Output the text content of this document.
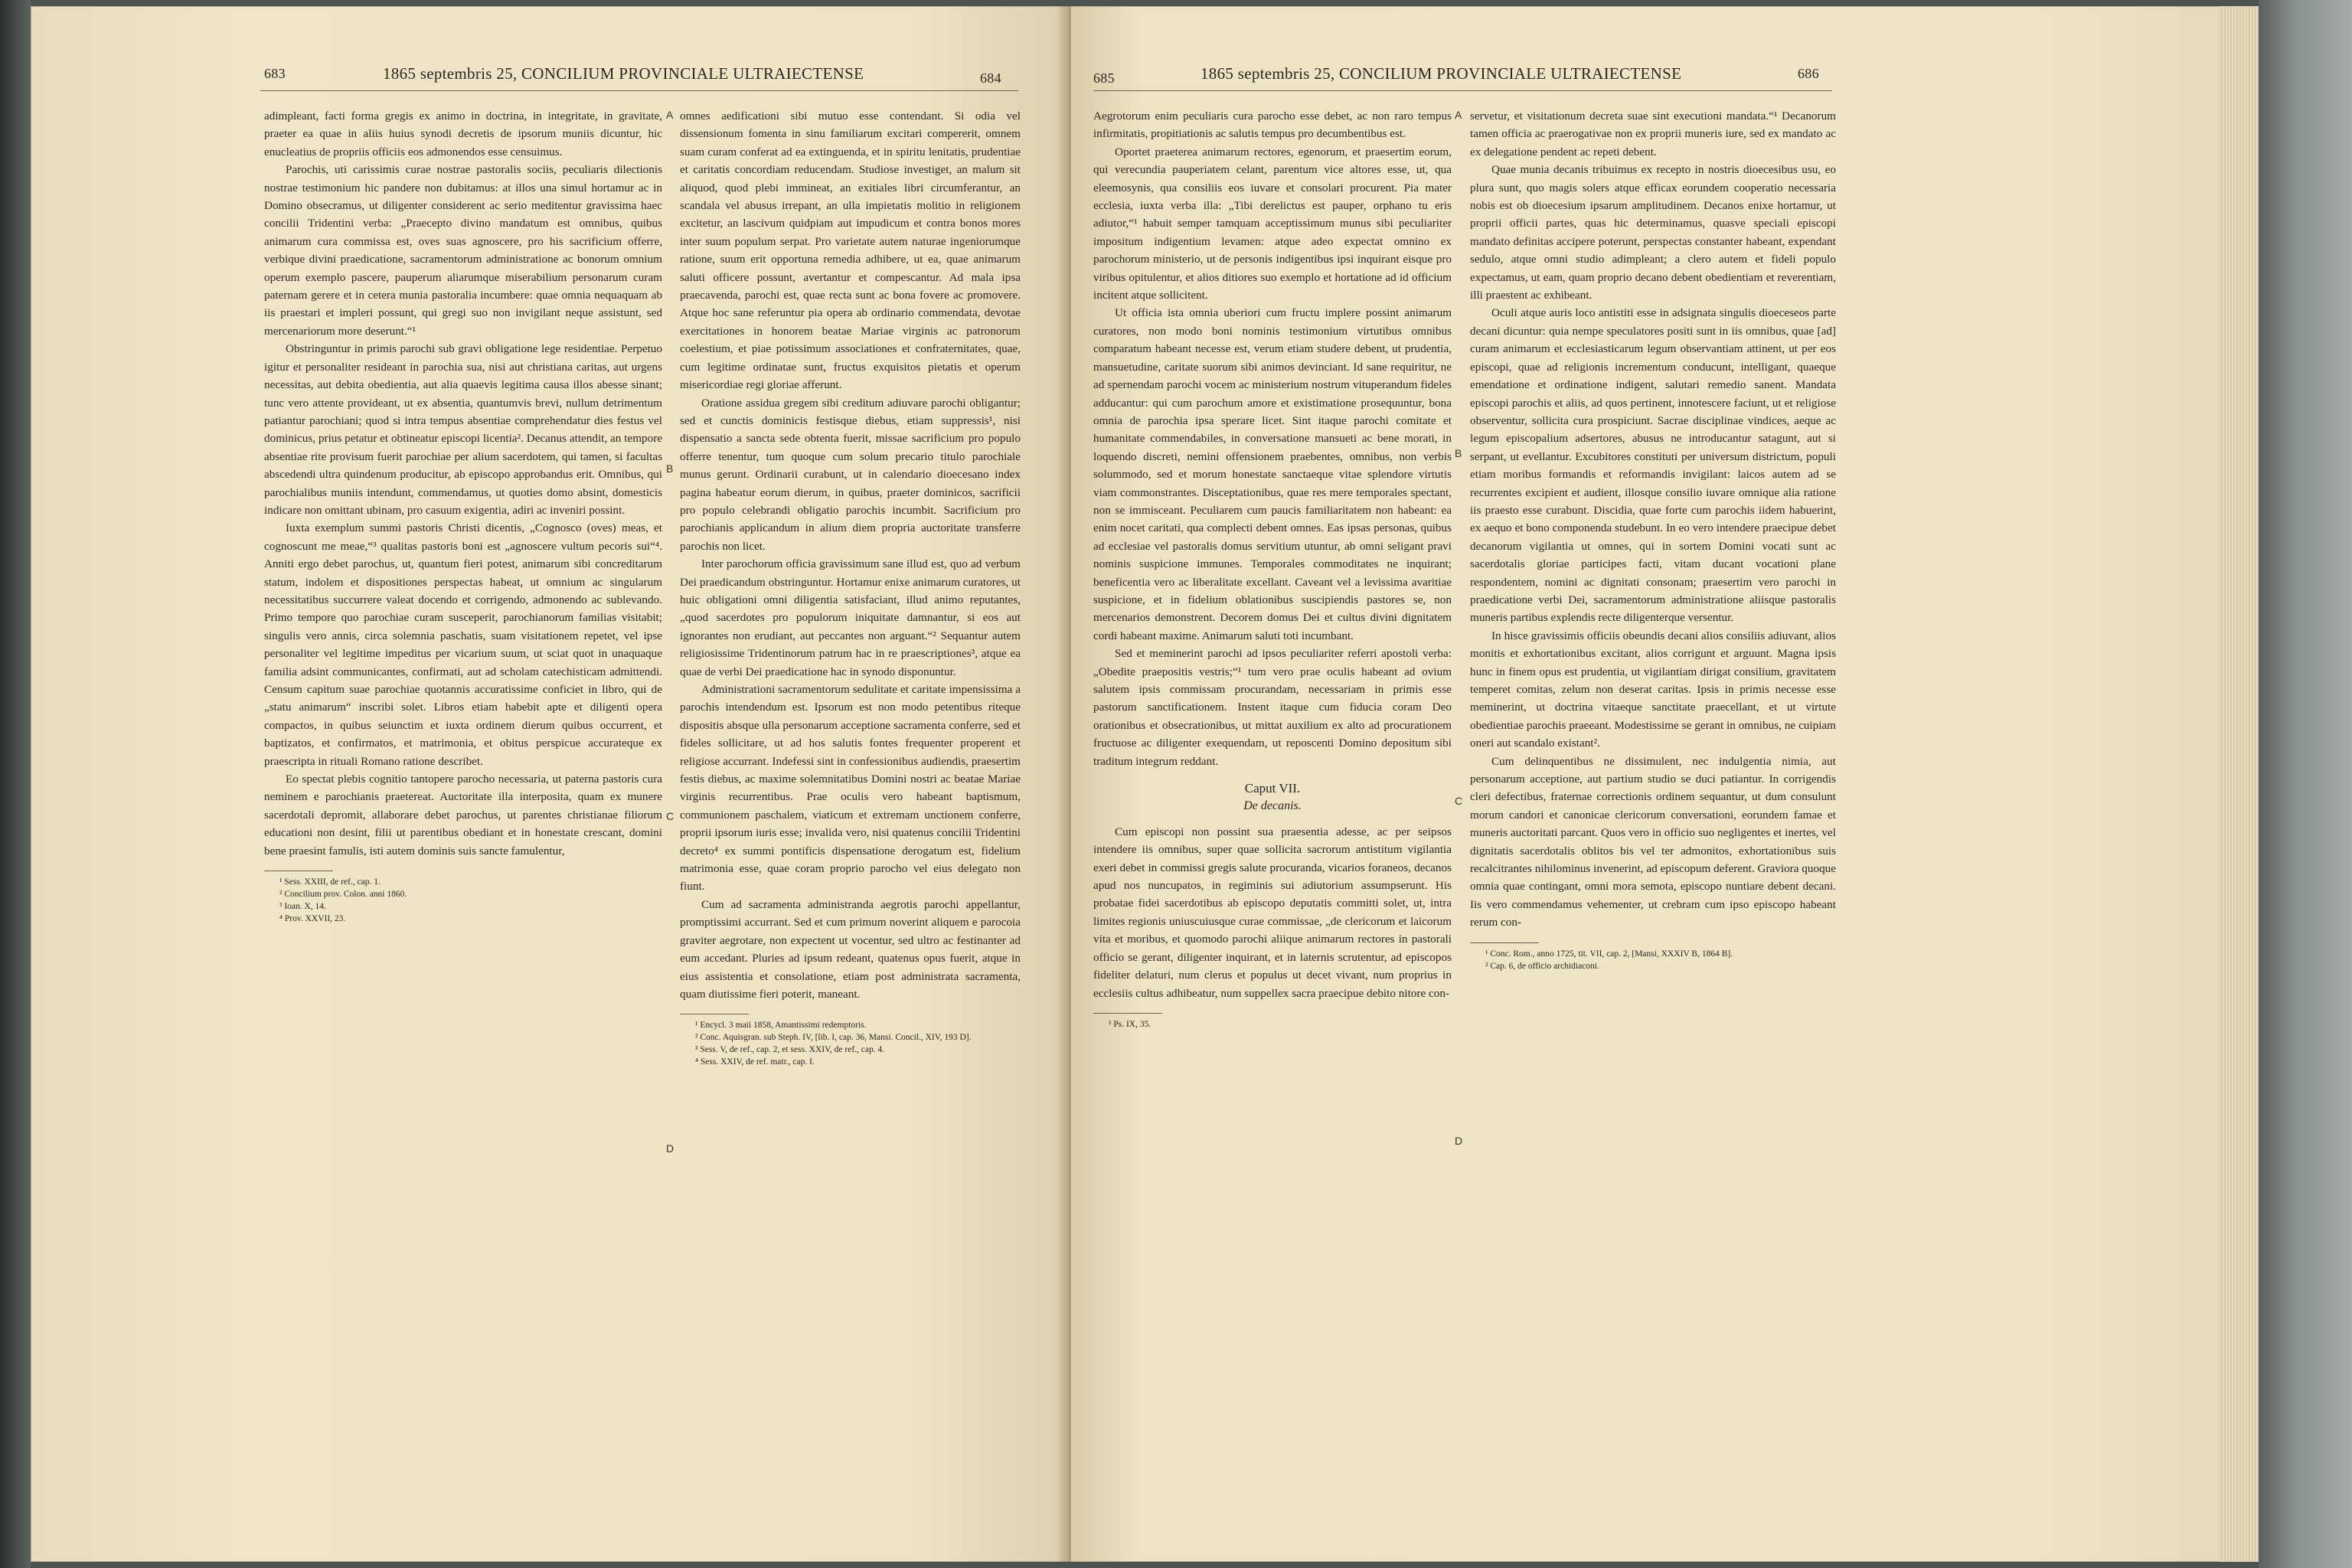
683	1865 septembris 25, CONCILIUM PROVINCIALE ULTRAIECTENSE	684

adimpleant, facti forma gregis ex animo in doctrina, in integritate, in gravitate, praeter ea quae in aliis huius synodi decretis de ipsorum muniis dicuntur, hic enucleatius de propriis officiis eos admonendos esse censuimus.

Parochis, uti carissimis curae nostrae pastoralis sociis, peculiaris dilectionis nostrae testimonium hic pandere non dubitamus: at illos una simul hortamur ac in Domino obsecramus, ut diligenter considerent ac serio meditentur gravissima haec concilii Tridentini verba: „Praecepto divino mandatum est omnibus, quibus animarum cura commissa est, oves suas agnoscere, pro his sacrificium offerre, verbique divini praedicatione, sacramentorum administratione ac bonorum omnium operum exemplo pascere, pauperum aliarumque miserabilium personarum curam paternam gerere et in cetera munia pastoralia incumbere: quae omnia nequaquam ab iis praestari et impleri possunt, qui gregi suo non invigilant neque assistunt, sed mercenariorum more deserunt.“¹

Obstringuntur in primis parochi sub gravi obligatione lege residentiae. Perpetuo igitur et personaliter resideant in parochia sua, nisi aut christiana caritas, aut urgens necessitas, aut debita obedientia, aut alia quaevis legitima causa illos abesse sinant; tunc vero attente provideant, ut ex absentia, quantumvis brevi, nullum detrimentum patiantur parochiani; quod si intra tempus absentiae comprehendatur dies festus vel dominicus, prius petatur et obtineatur episcopi licentia². Decanus attendit, an tempore absentiae rite provisum fuerit parochiae per alium sacerdotem, qui tamen, si facultas abscedendi ultra quindenum producitur, ab episcopo approbandus erit. Omnibus, qui parochialibus muniis intendunt, commendamus, ut quoties domo absint, domesticis indicare non omittant ubinam, pro casuum exigentia, adiri ac inveniri possint.

Iuxta exemplum summi pastoris Christi dicentis, „Cognosco (oves) meas, et cognoscunt me meae,“³ qualitas pastoris boni est „agnoscere vultum pecoris sui“⁴. Anniti ergo debet parochus, ut, quantum fieri potest, animarum sibi concreditarum statum, indolem et dispositiones perspectas habeat, ut omnium ac singularum necessitatibus succurrere valeat docendo et corrigendo, admonendo ac sublevando. Primo tempore quo parochiae curam susceperit, parochianorum familias visitabit; singulis vero annis, circa solemnia paschatis, suam visitationem repetet, vel ipse personaliter vel legitime impeditus per vicarium suum, ut sciat quot in unaquaque familia adsint communicantes, confirmati, aut ad scholam catechisticam admittendi. Censum capitum suae parochiae quotannis accuratissime conficiet in libro, qui de „statu animarum“ inscribi solet. Libros etiam habebit apte et diligenti opera compactos, in quibus seiunctim et iuxta ordinem dierum quibus occurrent, et baptizatos, et confirmatos, et matrimonia, et obitus perspicue accurateque ex praescripta in rituali Romano ratione describet.

Eo spectat plebis cognitio tantopere parocho necessaria, ut paterna pastoris cura neminem e parochianis praetereat. Auctoritate illa interposita, quam ex munere sacerdotali depromit, allaborare debet parochus, ut parentes christianae filiorum educationi non desint, filii ut parentibus obediant et in honestate crescant, domini bene praesint famulis, isti autem dominis suis sancte famulentur,

¹ Sess. XXIII, de ref., cap. 1.

² Concilium prov. Colon. anni 1860.

³ Ioan. X, 14.

⁴ Prov. XXVII, 23.

A
B
C
D

omnes aedificationi sibi mutuo esse contendant. Si odia vel dissensionum fomenta in sinu familiarum excitari compererit, omnem suam curam conferat ad ea extinguenda, et in spiritu lenitatis, prudentiae et caritatis concordiam reducendam. Studiose investiget, an malum sit aliquod, quod plebi immineat, an exitiales libri circumferantur, an scandala vel abusus irrepant, an ulla impietatis molitio in religionem excitetur, an lascivum quidpiam aut impudicum et contra bonos mores inter suum populum serpat. Pro varietate autem naturae ingeniorumque ratione, suum erit opportuna remedia adhibere, ut ea, quae animarum saluti officere possunt, avertantur et compescantur. Ad mala ipsa praecavenda, parochi est, quae recta sunt ac bona fovere ac promovere. Atque hoc sane referuntur pia opera ab ordinario commendata, devotae exercitationes in honorem beatae Mariae virginis ac patronorum coelestium, et piae potissimum associationes et confraternitates, quae, cum legitime ordinatae sunt, fructus exquisitos pietatis et operum misericordiae regi gloriae afferunt.

Oratione assidua gregem sibi creditum adiuvare parochi obligantur; sed et cunctis dominicis festisque diebus, etiam suppressis¹, nisi dispensatio a sancta sede obtenta fuerit, missae sacrificium pro populo offerre tenentur, tum quoque cum solum precario titulo parochiale munus gerunt. Ordinarii curabunt, ut in calendario dioecesano index pagina habeatur eorum dierum, in quibus, praeter dominicos, sacrificii pro populo celebrandi obligatio parochis incumbit. Sacrificium pro parochianis applicandum in alium diem propria auctoritate transferre parochis non licet.

Inter parochorum officia gravissimum sane illud est, quo ad verbum Dei praedicandum obstringuntur. Hortamur enixe animarum curatores, ut huic obligationi omni diligentia satisfaciant, illud animo reputantes, „quod sacerdotes pro populorum iniquitate damnantur, si eos aut ignorantes non erudiant, aut peccantes non arguant.“² Sequantur autem religiosissime Tridentinorum patrum hac in re praescriptiones³, atque ea quae de verbi Dei praedicatione hac in synodo disponuntur.

Administrationi sacramentorum sedulitate et caritate impensissima a parochis intendendum est. Ipsorum est non modo petentibus riteque dispositis absque ulla personarum acceptione sacramenta conferre, sed et fideles sollicitare, ut ad hos salutis fontes frequenter properent et religiose accurrant. Indefessi sint in confessionibus audiendis, praesertim festis diebus, ac maxime solemnitatibus Domini nostri ac beatae Mariae virginis recurrentibus. Prae oculis vero habeant baptismum, communionem paschalem, viaticum et extremam unctionem conferre, proprii ipsorum iuris esse; invalida vero, nisi quatenus concilii Tridentini decreto⁴ ex summi pontificis dispensatione derogatum est, fidelium matrimonia esse, quae coram proprio parocho vel eius delegato non fiunt.

Cum ad sacramenta administranda aegrotis parochi appellantur, promptissimi accurrant. Sed et cum primum noverint aliquem e parocoia graviter aegrotare, non expectent ut vocentur, sed ultro ac festinanter ad eum accedant. Pluries ad ipsum redeant, quatenus opus fuerit, atque in eius assistentia et consolatione, etiam post administrata sacramenta, quam diutissime fieri poterit, maneant.

¹ Encycl. 3 maii 1858, Amantissimi redemptoris.

² Conc. Aquisgran. sub Steph. IV, [lib. I, cap. 36, Mansi. Concil., XIV, 193 D].

³ Sess. V, de ref., cap. 2, et sess. XXIV, de ref., cap. 4.

⁴ Sess. XXIV, de ref. matr., cap. I.

685	1865 septembris 25, CONCILIUM PROVINCIALE ULTRAIECTENSE	686

Aegrotorum enim peculiaris cura parocho esse debet, ac non raro tempus infirmitatis, propitiationis ac salutis tempus pro decumbentibus est.

Oportet praeterea animarum rectores, egenorum, et praesertim eorum, qui verecundia pauperiatem celant, parentum vice altores esse, ut, qua eleemosynis, qua consiliis eos iuvare et consolari procurent. Pia mater ecclesia, iuxta verba illa: „Tibi derelictus est pauper, orphano tu eris adiutor,“¹ habuit semper tamquam acceptissimum munus sibi peculiariter impositum indigentium levamen: atque adeo expectat omnino ex parochorum ministerio, ut de personis indigentibus ipsi inquirant eisque pro viribus opitulentur, et alios ditiores suo exemplo et hortatione ad id officium incitent atque sollicitent.

Ut officia ista omnia uberiori cum fructu implere possint animarum curatores, non modo boni nominis testimonium virtutibus omnibus comparatum habeant necesse est, verum etiam studere debent, ut prudentia, mansuetudine, caritate suorum sibi animos devinciant. Id sane requiritur, ne ad spernendam parochi vocem ac ministerium nostrum vituperandum fideles adducantur: qui cum parochum amore et existimatione prosequuntur, bona omnia de parochia ipsa sperare licet. Sint itaque parochi comitate et humanitate commendabiles, in conversatione mansueti ac bene morati, in loquendo discreti, nemini offensionem praebentes, omnibus, non verbis solummodo, sed et morum honestate sanctaeque vitae splendore virtutis viam commonstrantes. Disceptationibus, quae res mere temporales spectant, non se immisceant. Peculiarem cum paucis familiaritatem non habeant: ea enim nocet caritati, qua complecti debent omnes. Eas ipsas personas, quibus ad ecclesiae vel pastoralis domus servitium utuntur, ab omni seligant pravi nominis suspicione immunes. Temporales commoditates ne inquirant; beneficentia vero ac liberalitate excellant. Caveant vel a levissima avaritiae suspicione, et in fidelium oblationibus suscipiendis pastores se, non mercenarios demonstrent. Decorem domus Dei et cultus divini dignitatem cordi habeant maxime. Animarum saluti toti incumbant.

Sed et meminerint parochi ad ipsos peculiariter referri apostoli verba: „Obedite praepositis vestris;“¹ tum vero prae oculis habeant ad ovium salutem ipsis commissam procurandam, necessariam in primis esse pastorum sanctificationem. Instent itaque cum fiducia coram Deo orationibus et obsecrationibus, ut mittat auxilium ex alto ad procurationem fructuose ac diligenter exequendam, ut reposcenti Domino depositum sibi traditum integrum reddant.

Caput VII.

De decanis.

Cum episcopi non possint sua praesentia adesse, ac per seipsos intendere iis omnibus, super quae sollicita sacrorum antistitum vigilantia exeri debet in commissi gregis salute procuranda, vicarios foraneos, decanos apud nos nuncupatos, in regiminis sui adiutorium assumpserunt. His probatae fidei sacerdotibus ab episcopo deputatis committi solet, ut, intra limites regionis uniuscuiusque curae commissae, „de clericorum et laicorum vita et moribus, et quomodo parochi aliique animarum rectores in pastorali officio se gerant, diligenter inquirant, et in laternis scrutentur, ad episcopos fideliter delaturi, num clerus et populus ut decet vivant, num proprius in ecclesiis cultus adhibeatur, num suppellex sacra praecipue debito nitore con-

¹ Ps. IX, 35.

A
B
C
D

servetur, et visitationum decreta suae sint executioni mandata.“¹ Decanorum tamen officia ac praerogativae non ex proprii muneris iure, sed ex mandato ac ex delegatione pendent ac repeti debent.

Quae munia decanis tribuimus ex recepto in nostris dioecesibus usu, eo plura sunt, quo magis solers atque efficax eorundem cooperatio necessaria nobis est ob dioecesium ipsarum amplitudinem. Decanos enixe hortamur, ut proprii officii partes, quas hic determinamus, quasve speciali episcopi mandato definitas accipere poterunt, perspectas constanter habeant, expendant sedulo, atque omni studio adimpleant; a clero autem et fideli populo expectamus, ut eam, quam proprio decano debent obedientiam et reverentiam, illi praestent ac exhibeant.

Oculi atque auris loco antistiti esse in adsignata singulis dioeceseos parte decani dicuntur: quia nempe speculatores positi sunt in iis omnibus, quae [ad] curam animarum et ecclesiasticarum legum observantiam attinent, ut per eos episcopi, quae ad religionis incrementum conducunt, intelligant, quaeque emendatione et ordinatione indigent, salutari remedio sanent. Mandata episcopi parochis et aliis, ad quos pertinent, innotescere faciunt, ut et religiose observentur, sollicita cura prospiciunt. Sacrae disciplinae vindices, aeque ac legum episcopalium adsertores, abusus ne introducantur satagunt, aut si serpant, ut evellantur. Excubitores constituti per universum districtum, populi etiam moribus formandis et reformandis invigilant: laicos autem ad se recurrentes excipient et audient, illosque consilio iuvare omnique alia ratione iis praesto esse curabunt. Discidia, quae forte cum parochis iidem habuerint, ex aequo et bono componenda studebunt. In eo vero intendere praecipue debet decanorum vigilantia ut omnes, qui in sortem Domini vocati sunt ac sacerdotalis gloriae participes facti, vitam ducant vocationi plane respondentem, nomini ac dignitati consonam; praesertim vero parochi in praedicatione verbi Dei, sacramentorum administratione aliisque pastoralis muneris partibus explendis recte diligenterque versentur.

In hisce gravissimis officiis obeundis decani alios consiliis adiuvant, alios monitis et exhortationibus excitant, alios corrigunt et arguunt. Magna ipsis hunc in finem opus est prudentia, ut vigilantiam dirigat consilium, gravitatem temperet comitas, zelum non deserat caritas. Ipsis in primis necesse esse meminerint, ut doctrina vitaeque sanctitate praecellant, et ut virtute obedientiae parochis praeeant. Modestissime se gerant in omnibus, ne cuipiam oneri aut scandalo existant².

Cum delinquentibus ne dissimulent, nec indulgentia nimia, aut personarum acceptione, aut partium studio se duci patiantur. In corrigendis cleri defectibus, fraternae correctionis ordinem sequantur, ut dum consulunt morum candori et canonicae clericorum conversationi, eorundem famae et muneris auctoritati parcant. Quos vero in officio suo negligentes et inertes, vel dignitatis sacerdotalis oblitos bis vel ter admonitos, exhortationibus suis recalcitrantes nihilominus invenerint, ad episcopum deferent. Graviora quoque omnia quae contingant, omni mora semota, episcopo nuntiare debent decani. Iis vero commendamus vehementer, ut crebram cum ipso episcopo habeant rerum con-

¹ Conc. Rom., anno 1725, tit. VII, cap. 2, [Mansi, XXXIV B, 1864 B].

² Cap. 6, de officio archidiaconi.
